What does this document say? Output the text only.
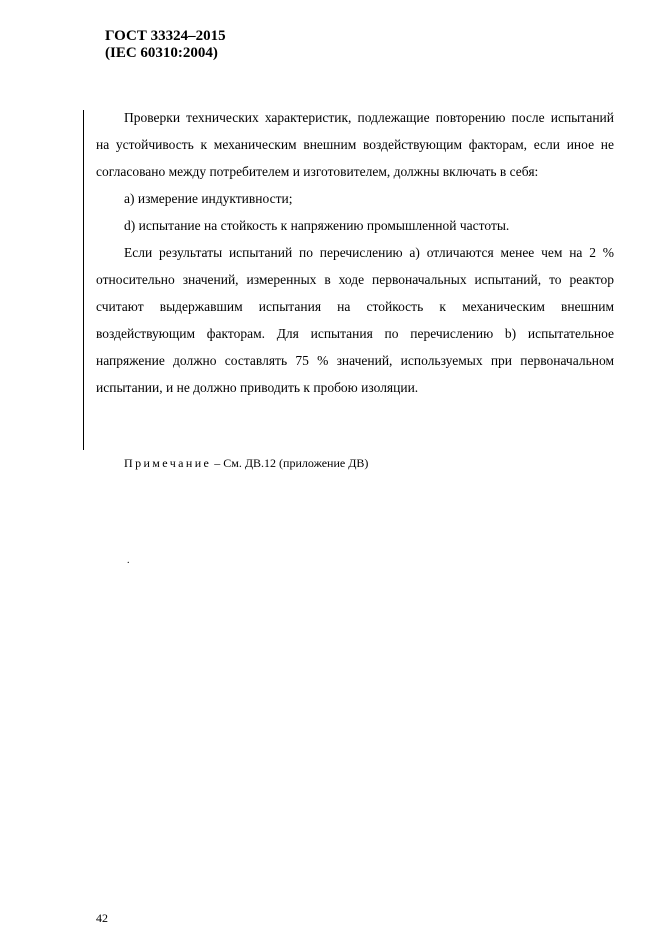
ГОСТ 33324–2015
(IEC 60310:2004)

Проверки технических характеристик, подлежащие повторению после испытаний на устойчивость к механическим внешним воздействующим факторам, если иное не согласовано между потребителем и изготовителем, должны включать в себя:

а) измерение индуктивности;

d) испытание на стойкость к напряжению промышленной частоты.

Если результаты испытаний по перечислению а) отличаются менее чем на 2 % относительно значений, измеренных в ходе первоначальных испытаний, то реактор считают выдержавшим испытания на стойкость к механическим внешним воздействующим факторам. Для испытания по перечислению b) испытательное напряжение должно составлять 75 % значений, используемых при первоначальном испытании, и не должно приводить к пробою изоляции.

Примечание – См. ДВ.12 (приложение ДВ)
.
42
